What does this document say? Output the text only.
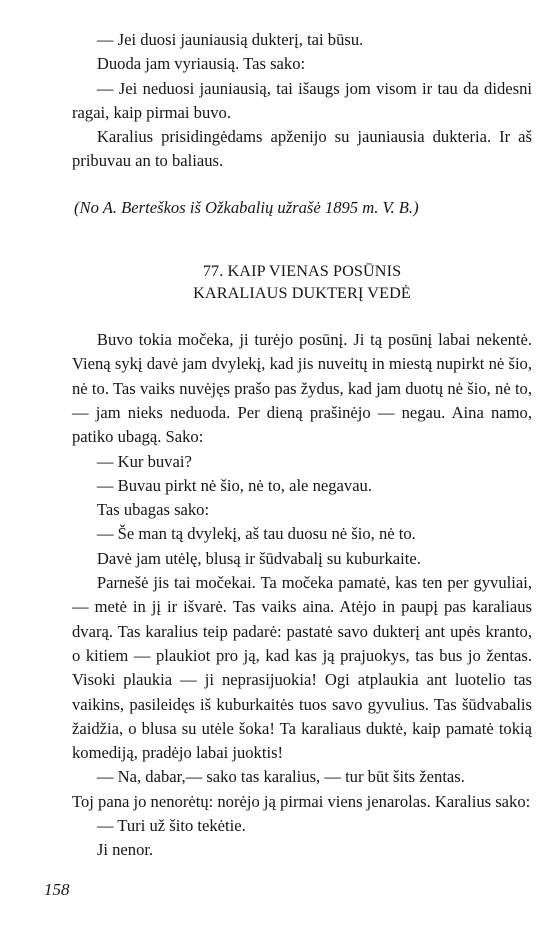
— Jei duosi jauniausią dukterį, tai būsu.

Duoda jam vyriausią. Tas sako:

— Jei neduosi jauniausią, tai išaugs jom visom ir tau da didesni ragai, kaip pirmai buvo.

Karalius prisidingėdams apženijo su jauniausia dukteria. Ir aš pribuvau an to baliaus.

(No A. Berteškos iš Ožkabalių užrašė 1895 m. V. B.)

77. KAIP VIENAS POSŪNIS
KARALIAUS DUKTERĮ VEDĖ

Buvo tokia močeka, ji turėjo posūnį. Ji tą posūnį labai nekentė. Vieną sykį davė jam dvylekį, kad jis nuveitų in miestą nupirkt nė šio, nė to. Tas vaiks nuvėjęs prašo pas žydus, kad jam duotų nė šio, nė to,— jam nieks neduoda. Per dieną prašinėjo — negau. Aina namo, patiko ubagą. Sako:

— Kur buvai?

— Buvau pirkt nė šio, nė to, ale negavau.

Tas ubagas sako:

— Še man tą dvylekį, aš tau duosu nė šio, nė to.

Davė jam utėlę, blusą ir šūdvabalį su kuburkaite.

Parnešė jis tai močekai. Ta močeka pamatė, kas ten per gyvuliai,— metė in jį ir išvarė. Tas vaiks aina. Atėjo in paupį pas karaliaus dvarą. Tas karalius teip padarė: pastatė savo dukterį ant upės kranto, o kitiem — plaukiot pro ją, kad kas ją prajuokys, tas bus jo žentas. Visoki plaukia — ji neprasijuokia! Ogi atplaukia ant luotelio tas vaikins, pasileidęs iš kuburkaitės tuos savo gyvulius. Tas šūdvabalis žaidžia, o blusa su utėle šoka! Ta karaliaus duktė, kaip pamatė tokią komediją, pradėjo labai juoktis!

— Na, dabar,— sako tas karalius, — tur būt šits žentas.

Toj pana jo nenorėtų: norėjo ją pirmai viens jenarolas. Karalius sako:

— Turi už šito tekėtie.

Ji nenor.

158
